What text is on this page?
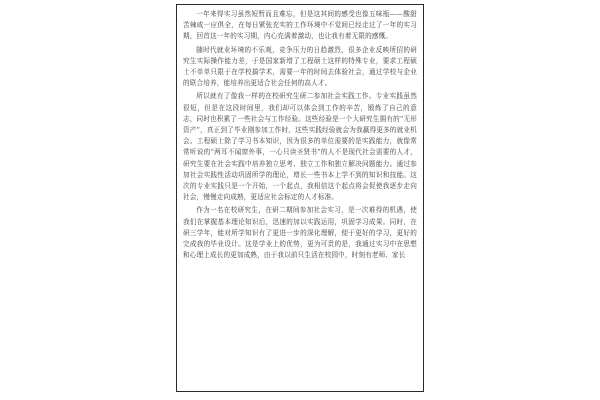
一年来得实习虽然短暂而且难忘，但是这其间的感受也像五味瓶——酸甜苦辣咸一应俱全，在每日紧张充实的工作环境中不觉间已经走过了一年的实习期，回首这一年的实习期，内心充满着激动，也让我有着无限的感慨。

随时代就业环境的不乐观，竞争压力的日趋激烈，很多企业反映所招的研究生实际操作能力差，于是国家新增了工程硕士这样的特殊专业，要求工程硕士不单单只限于在学校搞学术，需要一年的时间去体验社会，通过学校与企业的联合培养，能培养出更适合社会任何的高人才。

所以就有了像我一样的在校研究生研二参加社会实践工作。专业实践虽然很短，但是在这段时间里，我们却可以体会到工作的辛苦，锻炼了自己的意志，同时也积累了一些社会与工作经验。这些经验是一个大研究生拥有的“无形资产”，真正到了毕业刚参加工作时，这些实践经验就会为我赢得更多的就业机会。工程硕士除了学习书本知识，因为很多的单位需要的是实践能力，就像常常听说的“两耳不闻窗外事，一心只读圣贤书”的人不是现代社会需要的人才，研究生要在社会实践中培养独立思考、独立工作和独立解决问题能力。通过参加社会实践性活动巩固所学的理论，增长一些书本上学不到的知识和技能。这次的专业实践只是一个开始，一个起点，我相信这个起点将会促使我逐步走向社会，慢慢走向成熟，更适应社会标定的人才标准。

作为一名在校研究生，在研二期间参加社会实习，是一次难得的机遇，使我们在掌握基本理论知识后，迅速的加以实践运用，巩固学习成果。同时，在研三学年，能对所学知识有了更进一步的深化理解，便于更好的学习，更好的完成我的毕业设计。这是学业上的优势，更为可贵的是，我通过实习中在思想和心理上成长的更加成熟，由于我以前只生活在校园中，时刻有老师、家长
